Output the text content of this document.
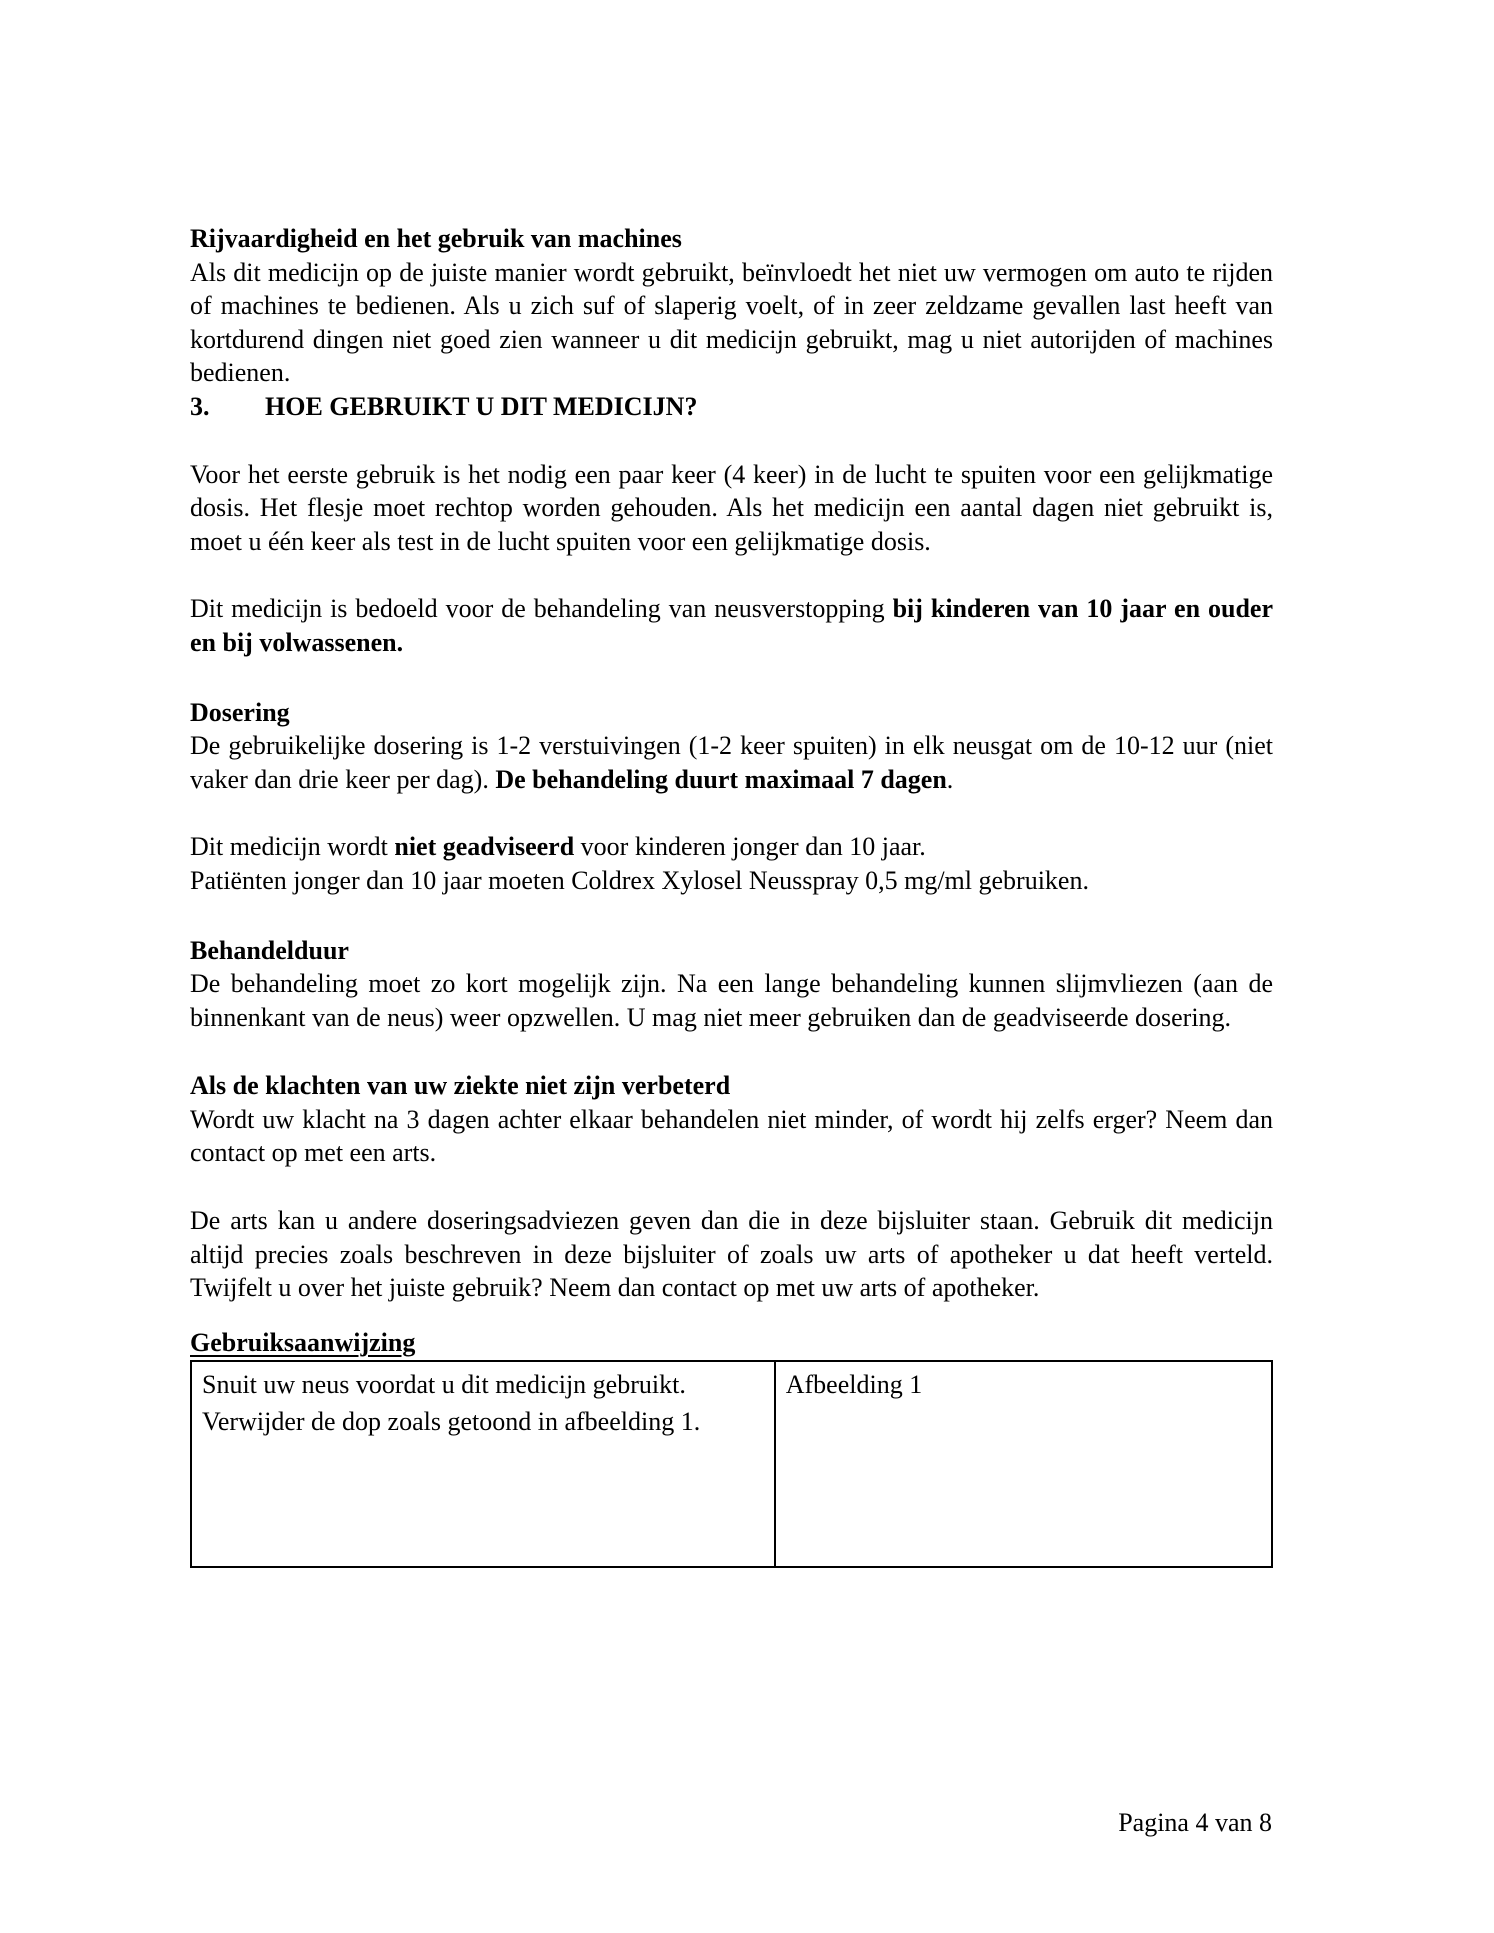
Rijvaardigheid en het gebruik van machines

Als dit medicijn op de juiste manier wordt gebruikt, beïnvloedt het niet uw vermogen om auto te rijden of machines te bedienen. Als u zich suf of slaperig voelt, of in zeer zeldzame gevallen last heeft van kortdurend dingen niet goed zien wanneer u dit medicijn gebruikt, mag u niet autorijden of machines bedienen.

3. HOE GEBRUIKT U DIT MEDICIJN?

Voor het eerste gebruik is het nodig een paar keer (4 keer) in de lucht te spuiten voor een gelijkmatige dosis. Het flesje moet rechtop worden gehouden. Als het medicijn een aantal dagen niet gebruikt is, moet u één keer als test in de lucht spuiten voor een gelijkmatige dosis.

Dit medicijn is bedoeld voor de behandeling van neusverstopping bij kinderen van 10 jaar en ouder en bij volwassenen.

Dosering

De gebruikelijke dosering is 1-2 verstuivingen (1-2 keer spuiten) in elk neusgat om de 10-12 uur (niet vaker dan drie keer per dag). De behandeling duurt maximaal 7 dagen.

Dit medicijn wordt niet geadviseerd voor kinderen jonger dan 10 jaar.

Patiënten jonger dan 10 jaar moeten Coldrex Xylosel Neusspray 0,5 mg/ml gebruiken.

Behandelduur

De behandeling moet zo kort mogelijk zijn. Na een lange behandeling kunnen slijmvliezen (aan de binnenkant van de neus) weer opzwellen. U mag niet meer gebruiken dan de geadviseerde dosering.

Als de klachten van uw ziekte niet zijn verbeterd

Wordt uw klacht na 3 dagen achter elkaar behandelen niet minder, of wordt hij zelfs erger? Neem dan contact op met een arts.

De arts kan u andere doseringsadviezen geven dan die in deze bijsluiter staan. Gebruik dit medicijn altijd precies zoals beschreven in deze bijsluiter of zoals uw arts of apotheker u dat heeft verteld. Twijfelt u over het juiste gebruik? Neem dan contact op met uw arts of apotheker.

Gebruiksaanwijzing
Snuit uw neus voordat u dit medicijn gebruikt. Verwijder de dop zoals getoond in afbeelding 1.	Afbeelding 1
Pagina 4 van 8
